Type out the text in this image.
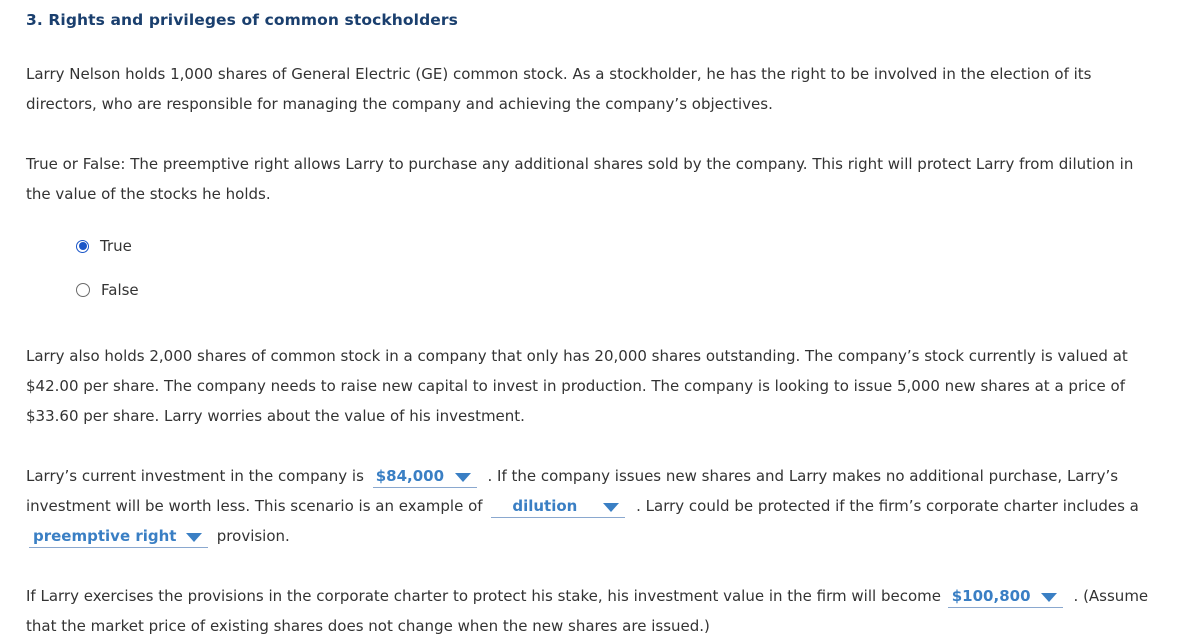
3. Rights and privileges of common stockholders
Larry Nelson holds 1,000 shares of General Electric (GE) common stock. As a stockholder, he has the right to be involved in the election of its
directors, who are responsible for managing the company and achieving the company’s objectives.
True or False: The preemptive right allows Larry to purchase any additional shares sold by the company. This right will protect Larry from dilution in
the value of the stocks he holds.
True
False
Larry also holds 2,000 shares of common stock in a company that only has 20,000 shares outstanding. The company’s stock currently is valued at
$42.00 per share. The company needs to raise new capital to invest in production. The company is looking to issue 5,000 new shares at a price of
$33.60 per share. Larry worries about the value of his investment.
Larry’s current investment in the company is $84,000	. If the company issues new shares and Larry makes no additional purchase, Larry’s
investment will be worth less. This scenario is an example of dilution	. Larry could be protected if the firm’s corporate charter includes a
preemptive right	provision.
If Larry exercises the provisions in the corporate charter to protect his stake, his investment value in the firm will become $100,800	. (Assume
that the market price of existing shares does not change when the new shares are issued.)
